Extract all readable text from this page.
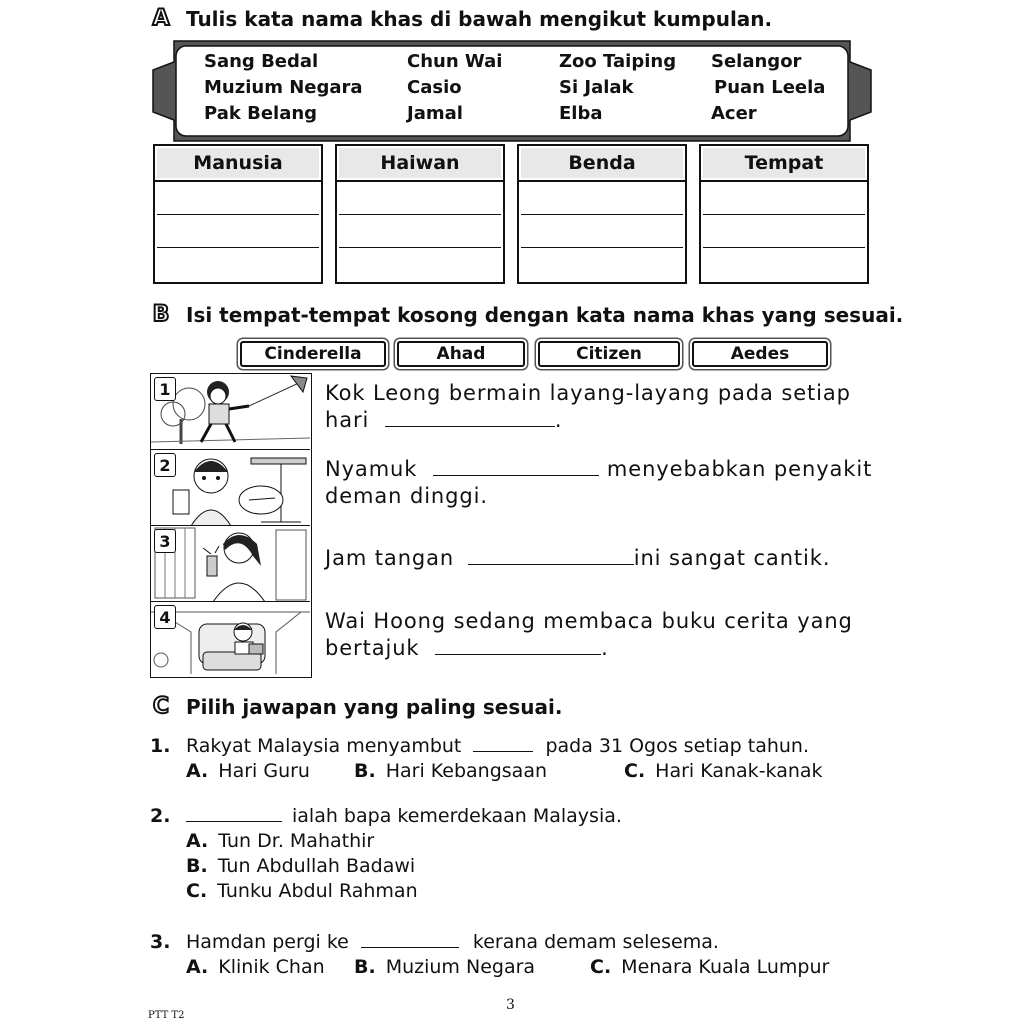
A Tulis kata nama khas di bawah mengikut kumpulan.
Sang Bedal	Chun Wai	Zoo Taiping	Selangor
Muzium Negara	Casio	Si Jalak	Puan Leela
Pak Belang	Jamal	Elba	Acer
Manusia	Haiwan	Benda	Tempat
B Isi tempat-tempat kosong dengan kata nama khas yang sesuai.
Cinderella	Ahad	Citizen	Aedes
1
2
3
4
Kok Leong bermain layang-layang pada setiap
hari	.
Nyamuk	menyebabkan penyakit
deman dinggi.
Jam tangan	ini sangat cantik.
Wai Hoong sedang membaca buku cerita yang
bertajuk	.
C Pilih jawapan yang paling sesuai.
1. Rakyat Malaysia menyambut	pada 31 Ogos setiap tahun.
A. Hari Guru B. Hari Kebangsaan	C. Hari Kanak-kanak
2.	ialah bapa kemerdekaan Malaysia.
A. Tun Dr. Mahathir
B. Tun Abdullah Badawi
C. Tunku Abdul Rahman
3. Hamdan pergi ke	kerana demam selesema.
A. Klinik Chan B. Muzium Negara	C. Menara Kuala Lumpur
3
PTT T2
